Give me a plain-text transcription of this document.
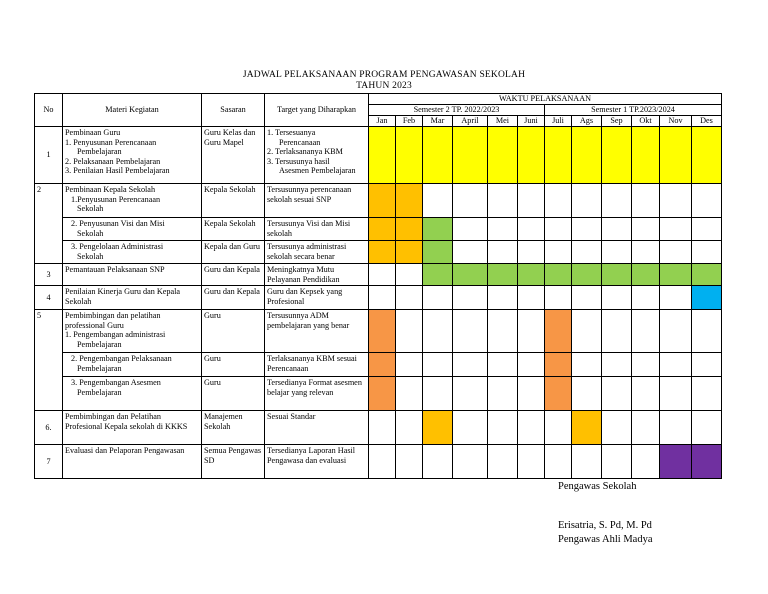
JADWAL PELAKSANAAN PROGRAM PENGAWASAN SEKOLAH
TAHUN 2023
No	Materi Kegiatan	Sasaran	Target yang Diharapkan	WAKTU PELAKSANAAN											
				Semester 2 TP. 2022/2023						Semester 1 TP.2023/2024					
				Jan	Feb	Mar	April	Mei	Juni	Juli	Ags	Sep	Okt	Nov	Des
1	Pembinaan Guru
1. Penyusunan Perencanaan
Pembelajaran
2. Pelaksanaan Pembelajaran
3. Penilaian Hasil Pembelajaran	Guru Kelas dan Guru Mapel	1. Tersesuanya
Perencanaan
2. Terlaksananya KBM
3. Tersusunya hasil
Asesmen Pembelajaran												

2	Pembinaan Kepala Sekolah
1.Penyusunan Perencanaan
Sekolah	Kepala Sekolah	Tersusunnya perencanaan sekolah sesuai SNP												

	2. Penyusunan Visi dan Misi
Sekolah	Kepala Sekolah	Tersusunya Visi dan Misi sekolah												

	3. Pengelolaan Administrasi
Sekolah	Kepala dan Guru	Tersusunya administrasi sekolah secara benar												
3	Pemantauan Pelaksanaan SNP	Guru dan Kepala	Meningkatnya Mutu Pelayanan Pendidikan												
4	Penilaian Kinerja Guru dan Kepala Sekolah	Guru dan Kepala	Guru dan Kepsek yang Profesional												
5	Pembimbingan dan pelatihan professional Guru
1. Pengembangan administrasi
Pembelajaran	Guru	Tersusunnya ADM pembelajaran yang benar												

	2. Pengembangan Pelaksanaan
Pembelajaran	Guru	Terlaksananya KBM sesuai Perencanaan												

	3. Pengembangan Asesmen
Pembelajaran	Guru	Tersedianya Format asesmen belajar yang relevan												
6.	Pembimbingan dan Pelatihan Profesional Kepala sekolah di KKKS	Manajemen Sekolah	Sesuai Standar												
7	Evaluasi dan Pelaporan Pengawasan	Semua Pengawas SD	Tersedianya Laporan Hasil Pengawasa dan evaluasi												
Pengawas Sekolah
Erisatria, S. Pd, M. Pd
Pengawas Ahli Madya
